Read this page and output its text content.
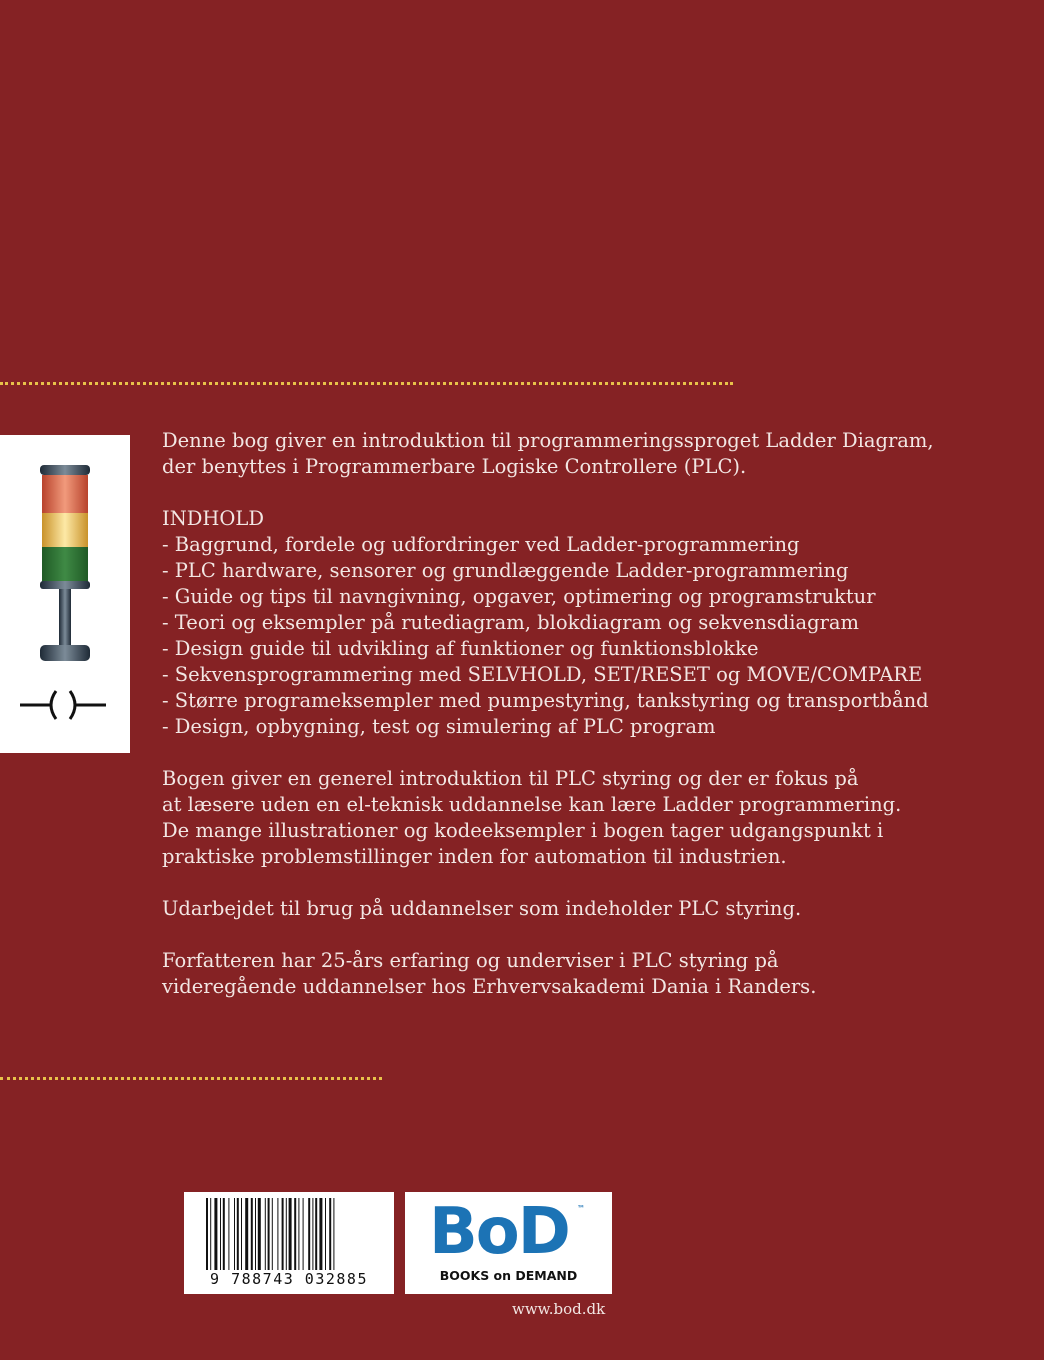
Denne bog giver en introduktion til programmeringssproget Ladder Diagram,
der benyttes i Programmerbare Logiske Controllere (PLC).

INDHOLD
- Baggrund, fordele og udfordringer ved Ladder-programmering
- PLC hardware, sensorer og grundlæggende Ladder-programmering
- Guide og tips til navngivning, opgaver, optimering og programstruktur
- Teori og eksempler på rutediagram, blokdiagram og sekvensdiagram
- Design guide til udvikling af funktioner og funktionsblokke
- Sekvensprogrammering med SELVHOLD, SET/RESET og MOVE/COMPARE
- Større programeksempler med pumpestyring, tankstyring og transportbånd
- Design, opbygning, test og simulering af PLC program

Bogen giver en generel introduktion til PLC styring og der er fokus på
at læsere uden en el-teknisk uddannelse kan lære Ladder programmering.
De mange illustrationer og kodeeksempler i bogen tager udgangspunkt i
praktiske problemstillinger inden for automation til industrien.

Udarbejdet til brug på uddannelser som indeholder PLC styring.

Forfatteren har 25-års erfaring og underviser i PLC styring på
videregående uddannelser hos Erhvervsakademi Dania i Randers.

9 788743 032885
BoD ™
BOOKS on DEMAND
www.bod.dk
